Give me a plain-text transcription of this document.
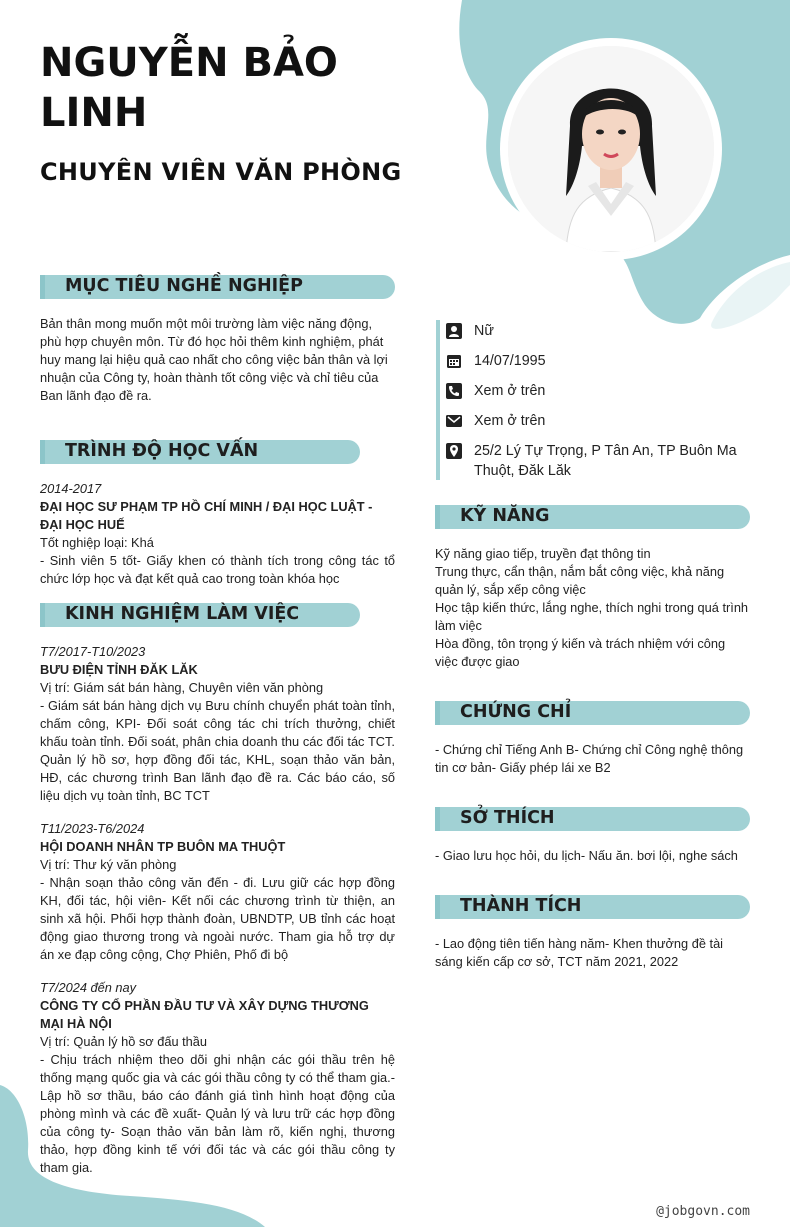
NGUYỄN BẢO LINH
CHUYÊN VIÊN VĂN PHÒNG
MỤC TIÊU NGHỀ NGHIỆP
Bản thân mong muốn một môi trường làm việc năng động, phù hợp chuyên môn. Từ đó học hỏi thêm kinh nghiệm, phát huy mang lại hiệu quả cao nhất cho công việc bản thân và lợi nhuận của Công ty, hoàn thành tốt công việc và chỉ tiêu của Ban lãnh đạo đề ra.
TRÌNH ĐỘ HỌC VẤN
2014-2017
ĐẠI HỌC SƯ PHẠM TP HỒ CHÍ MINH / ĐẠI HỌC LUẬT - ĐẠI HỌC HUẾ
Tốt nghiệp loại: Khá
- Sinh viên 5 tốt- Giấy khen có thành tích trong công tác tổ chức lớp học và đạt kết quả cao trong toàn khóa học
KINH NGHIỆM LÀM VIỆC
T7/2017-T10/2023
BƯU ĐIỆN TỈNH ĐĂK LĂK
Vị trí: Giám sát bán hàng, Chuyên viên văn phòng
- Giám sát bán hàng dịch vụ Bưu chính chuyển phát toàn tỉnh, chấm công, KPI- Đối soát công tác chi trích thưởng, chiết khấu toàn tỉnh. Đối soát, phân chia doanh thu các đối tác TCT. Quản lý hồ sơ, hợp đồng đối tác, KHL, soạn thảo văn bản, HĐ, các chương trình Ban lãnh đạo đề ra. Các báo cáo, số liệu dịch vụ toàn tỉnh, BC TCT
T11/2023-T6/2024
HỘI DOANH NHÂN TP BUÔN MA THUỘT
Vị trí: Thư ký văn phòng
- Nhận soạn thảo công văn đến - đi. Lưu giữ các hợp đồng KH, đối tác, hội viên- Kết nối các chương trình từ thiện, an sinh xã hội. Phối hợp thành đoàn, UBNDTP, UB tỉnh các hoạt động giao thương trong và ngoài nước. Tham gia hỗ trợ dự án xe đạp công cộng, Chợ Phiên, Phố đi bộ
T7/2024 đến nay
CÔNG TY CỔ PHẦN ĐẦU TƯ VÀ XÂY DỰNG THƯƠNG MẠI HÀ NỘI
Vị trí: Quản lý hồ sơ đấu thầu
- Chịu trách nhiệm theo dõi ghi nhận các gói thầu trên hệ thống mạng quốc gia và các gói thầu công ty có thể tham gia.- Lập hồ sơ thầu, báo cáo đánh giá tình hình hoạt động của phòng mình và các đề xuất- Quản lý và lưu trữ các hợp đồng của công ty- Soạn thảo văn bản làm rõ, kiến nghị, thương thảo, hợp đồng kinh tế với đối tác và các gói thầu công ty tham gia.
Nữ
14/07/1995
Xem ở trên
Xem ở trên
25/2 Lý Tự Trọng, P Tân An, TP Buôn Ma Thuột, Đăk Lăk
KỸ NĂNG
Kỹ năng giao tiếp, truyền đạt thông tin
Trung thực, cẩn thận, nắm bắt công việc, khả năng quản lý, sắp xếp công việc
Học tập kiến thức, lắng nghe, thích nghi trong quá trình làm việc
Hòa đồng, tôn trọng ý kiến và trách nhiệm với công việc được giao
CHỨNG CHỈ
- Chứng chỉ Tiếng Anh B- Chứng chỉ Công nghệ thông tin cơ bản- Giấy phép lái xe B2
SỞ THÍCH
- Giao lưu học hỏi, du lịch- Nấu ăn. bơi lội, nghe sách
THÀNH TÍCH
- Lao động tiên tiến hàng năm- Khen thưởng đề tài sáng kiến cấp cơ sở, TCT năm 2021, 2022
@jobgovn.com
